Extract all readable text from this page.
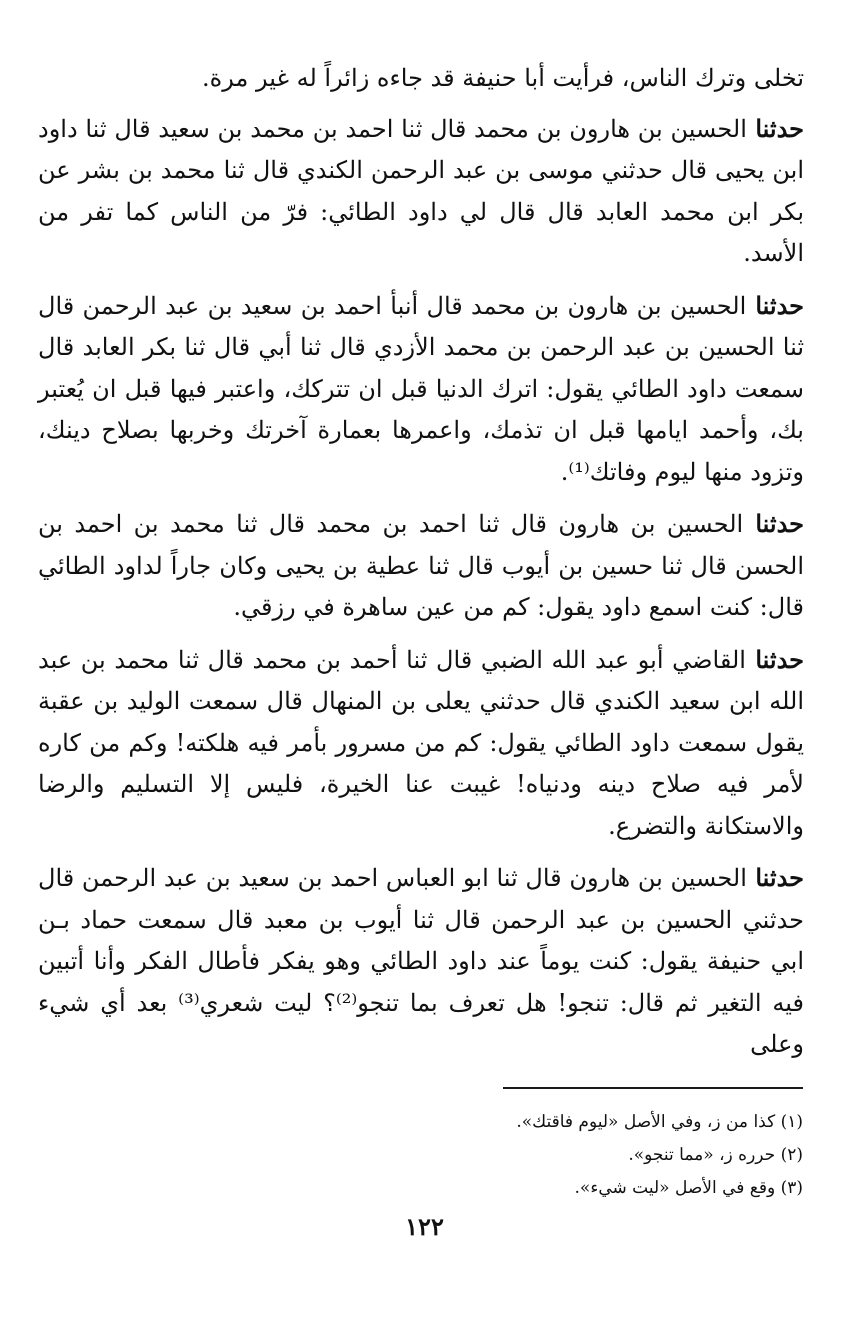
تخلى وترك الناس، فرأيت أبا حنيفة قد جاءه زائراً له غير مرة.

حدثناالحسين بن هارون بن محمد قال ثنا احمد بن محمد بن سعيد قال ثنا داود ابن يحيى قال حدثني موسى بن عبد الرحمن الكندي قال ثنا محمد بن بشر عن بكر ابن محمد العابد قال قال لي داود الطائي: فرّ من الناس كما تفر من الأسد.

حدثناالحسين بن هارون بن محمد قال أنبأ احمد بن سعيد بن عبد الرحمن قال ثنا الحسين بن عبد الرحمن بن محمد الأزدي قال ثنا أبي قال ثنا بكر العابد قال سمعت داود الطائي يقول: اترك الدنيا قبل ان تتركك، واعتبر فيها قبل ان يُعتبر بك، وأحمد ايامها قبل ان تذمك، واعمرها بعمارة آخرتك وخربها بصلاح دينك، وتزود منها ليوم وفاتك⁽¹⁾.

حدثناالحسين بن هارون قال ثنا احمد بن محمد قال ثنا محمد بن احمد بن الحسن قال ثنا حسين بن أيوب قال ثنا عطية بن يحيى وكان جاراً لداود الطائي قال: كنت اسمع داود يقول: كم من عين ساهرة في رزقي.

حدثناالقاضي أبو عبد الله الضبي قال ثنا أحمد بن محمد قال ثنا محمد بن عبد الله ابن سعيد الكندي قال حدثني يعلى بن المنهال قال سمعت الوليد بن عقبة يقول سمعت داود الطائي يقول: كم من مسرور بأمر فيه هلكته! وكم من كاره لأمر فيه صلاح دينه ودنياه! غيبت عنا الخيرة، فليس إلا التسليم والرضا والاستكانة والتضرع.

حدثناالحسين بن هارون قال ثنا ابو العباس احمد بن سعيد بن عبد الرحمن قال حدثني الحسين بن عبد الرحمن قال ثنا أيوب بن معبد قال سمعت حماد بـن ابي حنيفة يقول: كنت يوماً عند داود الطائي وهو يفكر فأطال الفكر وأنا أتبين فيه التغير ثم قال: تنجو! هل تعرف بما تنجو⁽²⁾؟ ليت شعري⁽³⁾ بعد أي شيء وعلى

(١) كذا من ز، وفي الأصل «ليوم فاقتك».

(٢) حرره ز، «مما تنجو».

(٣) وقع في الأصل «ليت شيء».

١٢٢
